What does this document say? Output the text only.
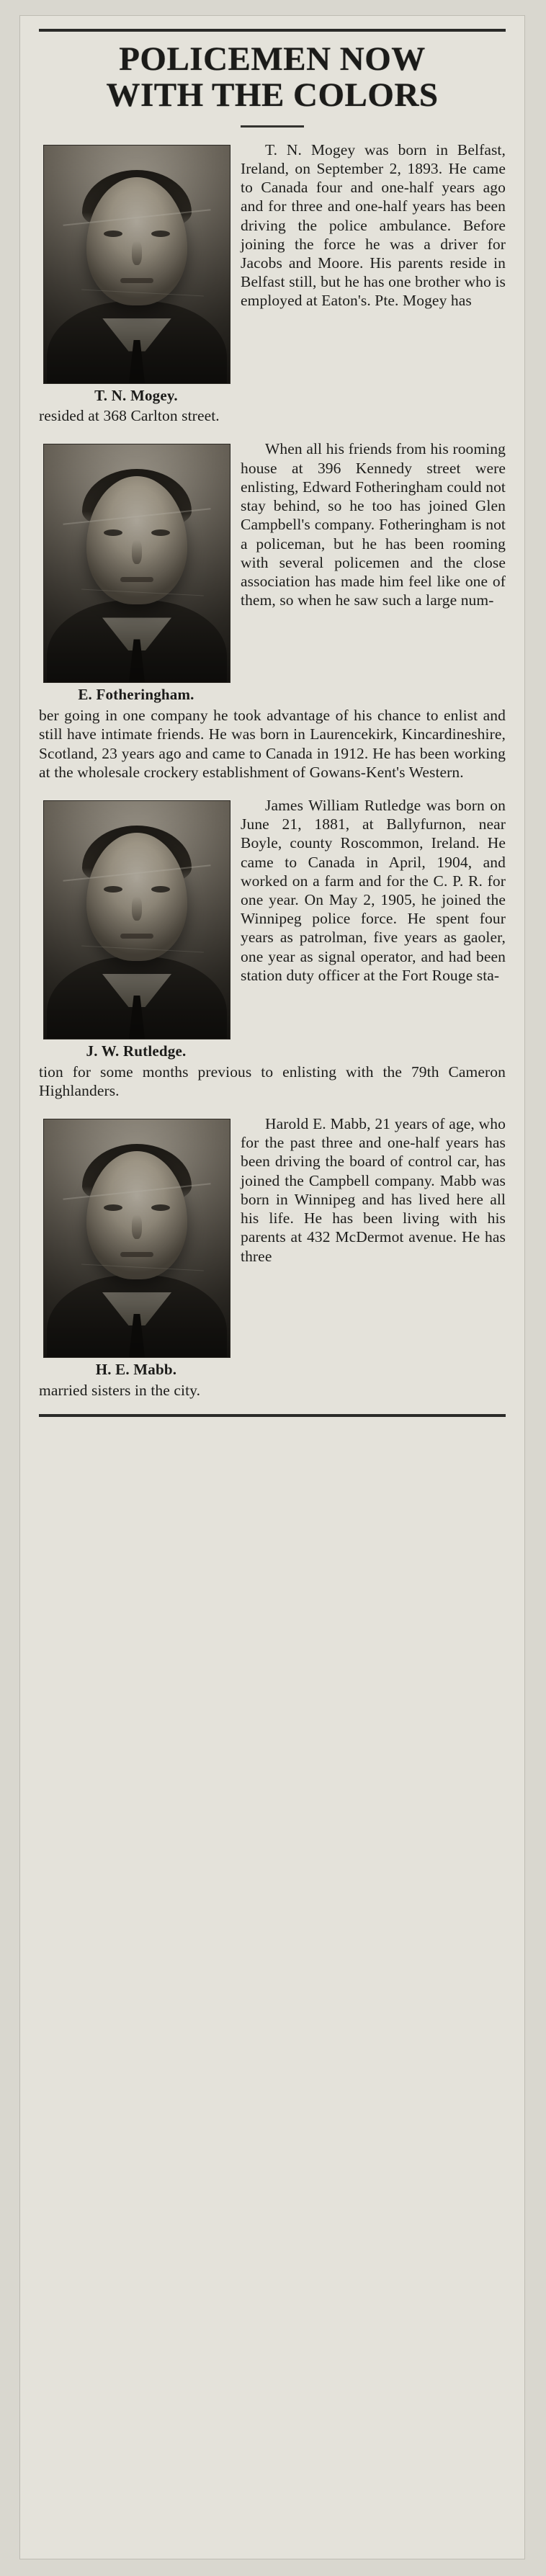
POLICEMEN NOW
WITH THE COLORS
T. N. Mogey.

T. N. Mogey was born in Belfast, Ireland, on September 2, 1893. He came to Canada four and one-half years ago and for three and one-half years has been driving the police ambulance. Before joining the force he was a driver for Jacobs and Moore. His parents reside in Belfast still, but he has one brother who is employed at Eaton's. Pte. Mogey has

resided at 368 Carlton street.

E. Fotheringham.

When all his friends from his rooming house at 396 Kennedy street were enlisting, Edward Fotheringham could not stay behind, so he too has joined Glen Campbell's company. Fotheringham is not a policeman, but he has been rooming with several policemen and the close association has made him feel like one of them, so when he saw such a large num-

ber going in one company he took advantage of his chance to enlist and still have intimate friends. He was born in Laurencekirk, Kincardineshire, Scotland, 23 years ago and came to Canada in 1912. He has been working at the wholesale crockery establishment of Gowans-Kent's Western.

J. W. Rutledge.

James William Rutledge was born on June 21, 1881, at Ballyfurnon, near Boyle, county Roscommon, Ireland. He came to Canada in April, 1904, and worked on a farm and for the C. P. R. for one year. On May 2, 1905, he joined the Winnipeg police force. He spent four years as patrolman, five years as gaoler, one year as signal operator, and had been station duty officer at the Fort Rouge sta-

tion for some months previous to enlisting with the 79th Cameron Highlanders.

H. E. Mabb.

Harold E. Mabb, 21 years of age, who for the past three and one-half years has been driving the board of control car, has joined the Campbell company. Mabb was born in Winnipeg and has lived here all his life. He has been living with his parents at 432 McDermot avenue. He has three

married sisters in the city.
